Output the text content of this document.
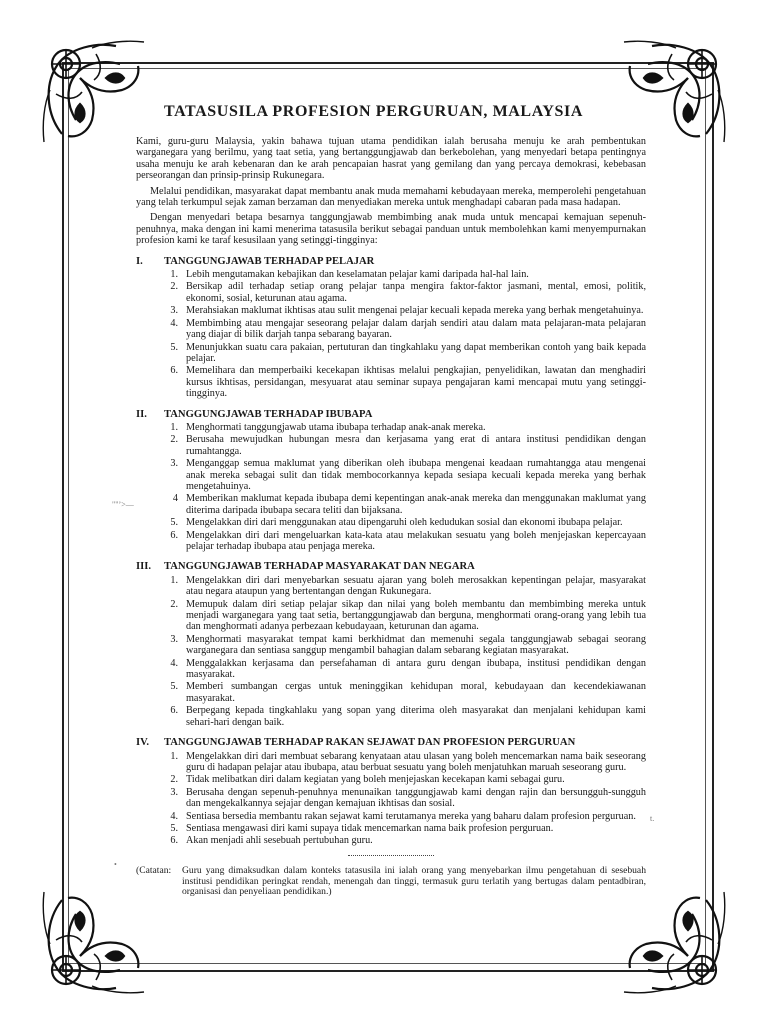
""’>—
t.
•
TATASUSILA PROFESION PERGURUAN, MALAYSIA

Kami, guru-guru Malaysia, yakin bahawa tujuan utama pendidikan ialah berusaha menuju ke arah pembentukan warganegara yang berilmu, yang taat setia, yang bertanggungjawab dan berkebolehan, yang menyedari betapa pentingnya usaha menuju ke arah kebenaran dan ke arah pencapaian hasrat yang gemilang dan yang percaya demokrasi, kebebasan perseorangan dan prinsip-prinsip Rukunegara.

Melalui pendidikan, masyarakat dapat membantu anak muda memahami kebudayaan mereka, memperolehi pengetahuan yang telah terkumpul sejak zaman berzaman dan menyediakan mereka untuk menghadapi cabaran pada masa hadapan.

Dengan menyedari betapa besarnya tanggungjawab membimbing anak muda untuk mencapai kemajuan sepenuh-penuhnya, maka dengan ini kami menerima tatasusila berikut sebagai panduan untuk membolehkan kami menyempurnakan profesion kami ke taraf kesusilaan yang setinggi-tingginya:

I.	TANGGUNGJAWAB TERHADAP PELAJAR
1. Lebih mengutamakan kebajikan dan keselamatan pelajar kami daripada hal-hal lain.
2. Bersikap adil terhadap setiap orang pelajar tanpa mengira faktor-faktor jasmani, mental, emosi, politik, ekonomi, sosial, keturunan atau agama.
3. Merahsiakan maklumat ikhtisas atau sulit mengenai pelajar kecuali kepada mereka yang berhak mengetahuinya.
4. Membimbing atau mengajar seseorang pelajar dalam darjah sendiri atau dalam mata pelajaran-mata pelajaran yang diajar di bilik darjah tanpa sebarang bayaran.
5. Menunjukkan suatu cara pakaian, pertuturan dan tingkahlaku yang dapat memberikan contoh yang baik kepada pelajar.
6. Memelihara dan memperbaiki kecekapan ikhtisas melalui pengkajian, penyelidikan, lawatan dan menghadiri kursus ikhtisas, persidangan, mesyuarat atau seminar supaya pengajaran kami mencapai mutu yang setinggi-tingginya.
II.	TANGGUNGJAWAB TERHADAP IBUBAPA
1. Menghormati tanggungjawab utama ibubapa terhadap anak-anak mereka.
2. Berusaha mewujudkan hubungan mesra dan kerjasama yang erat di antara institusi pendidikan dengan rumahtangga.
3. Menganggap semua maklumat yang diberikan oleh ibubapa mengenai keadaan rumahtangga atau mengenai anak mereka sebagai sulit dan tidak membocorkannya kepada sesiapa kecuali kepada mereka yang berhak mengetahuinya.
4 Memberikan maklumat kepada ibubapa demi kepentingan anak-anak mereka dan menggunakan maklumat yang diterima daripada ibubapa secara teliti dan bijaksana.
5. Mengelakkan diri dari menggunakan atau dipengaruhi oleh kedudukan sosial dan ekonomi ibubapa pelajar.
6. Mengelakkan diri dari mengeluarkan kata-kata atau melakukan sesuatu yang boleh menjejaskan kepercayaan pelajar terhadap ibubapa atau penjaga mereka.
III.	TANGGUNGJAWAB TERHADAP MASYARAKAT DAN NEGARA
1. Mengelakkan diri dari menyebarkan sesuatu ajaran yang boleh merosakkan kepentingan pelajar, masyarakat atau negara ataupun yang bertentangan dengan Rukunegara.
2. Memupuk dalam diri setiap pelajar sikap dan nilai yang boleh membantu dan membimbing mereka untuk menjadi warganegara yang taat setia, bertanggungjawab dan berguna, menghormati orang-orang yang lebih tua dan menghormati adanya perbezaan kebudayaan, keturunan dan agama.
3. Menghormati masyarakat tempat kami berkhidmat dan memenuhi segala tanggungjawab sebagai seorang warganegara dan sentiasa sanggup mengambil bahagian dalam sebarang kegiatan masyarakat.
4. Menggalakkan kerjasama dan persefahaman di antara guru dengan ibubapa, institusi pendidikan dengan masyarakat.
5. Memberi sumbangan cergas untuk meninggikan kehidupan moral, kebudayaan dan kecendekiawanan masyarakat.
6. Berpegang kepada tingkahlaku yang sopan yang diterima oleh masyarakat dan menjalani kehidupan kami sehari-hari dengan baik.
IV.	TANGGUNGJAWAB TERHADAP RAKAN SEJAWAT DAN PROFESION PERGURUAN
1. Mengelakkan diri dari membuat sebarang kenyataan atau ulasan yang boleh mencemarkan nama baik seseorang guru di hadapan pelajar atau ibubapa, atau berbuat sesuatu yang boleh menjatuhkan maruah seseorang guru.
2. Tidak melibatkan diri dalam kegiatan yang boleh menjejaskan kecekapan kami sebagai guru.
3. Berusaha dengan sepenuh-penuhnya menunaikan tanggungjawab kami dengan rajin dan bersungguh-sungguh dan mengekalkannya sejajar dengan kemajuan ikhtisas dan sosial.
4. Sentiasa bersedia membantu rakan sejawat kami terutamanya mereka yang baharu dalam profesion perguruan.
5. Sentiasa mengawasi diri kami supaya tidak mencemarkan nama baik profesion perguruan.
6. Akan menjadi ahli sesebuah pertubuhan guru.
(Catatan:	Guru yang dimaksudkan dalam konteks tatasusila ini ialah orang yang menyebarkan ilmu pengetahuan di sesebuah institusi pendidikan peringkat rendah, menengah dan tinggi, termasuk guru terlatih yang bertugas dalam pentadbiran, organisasi dan penyeliaan pendidikan.)
